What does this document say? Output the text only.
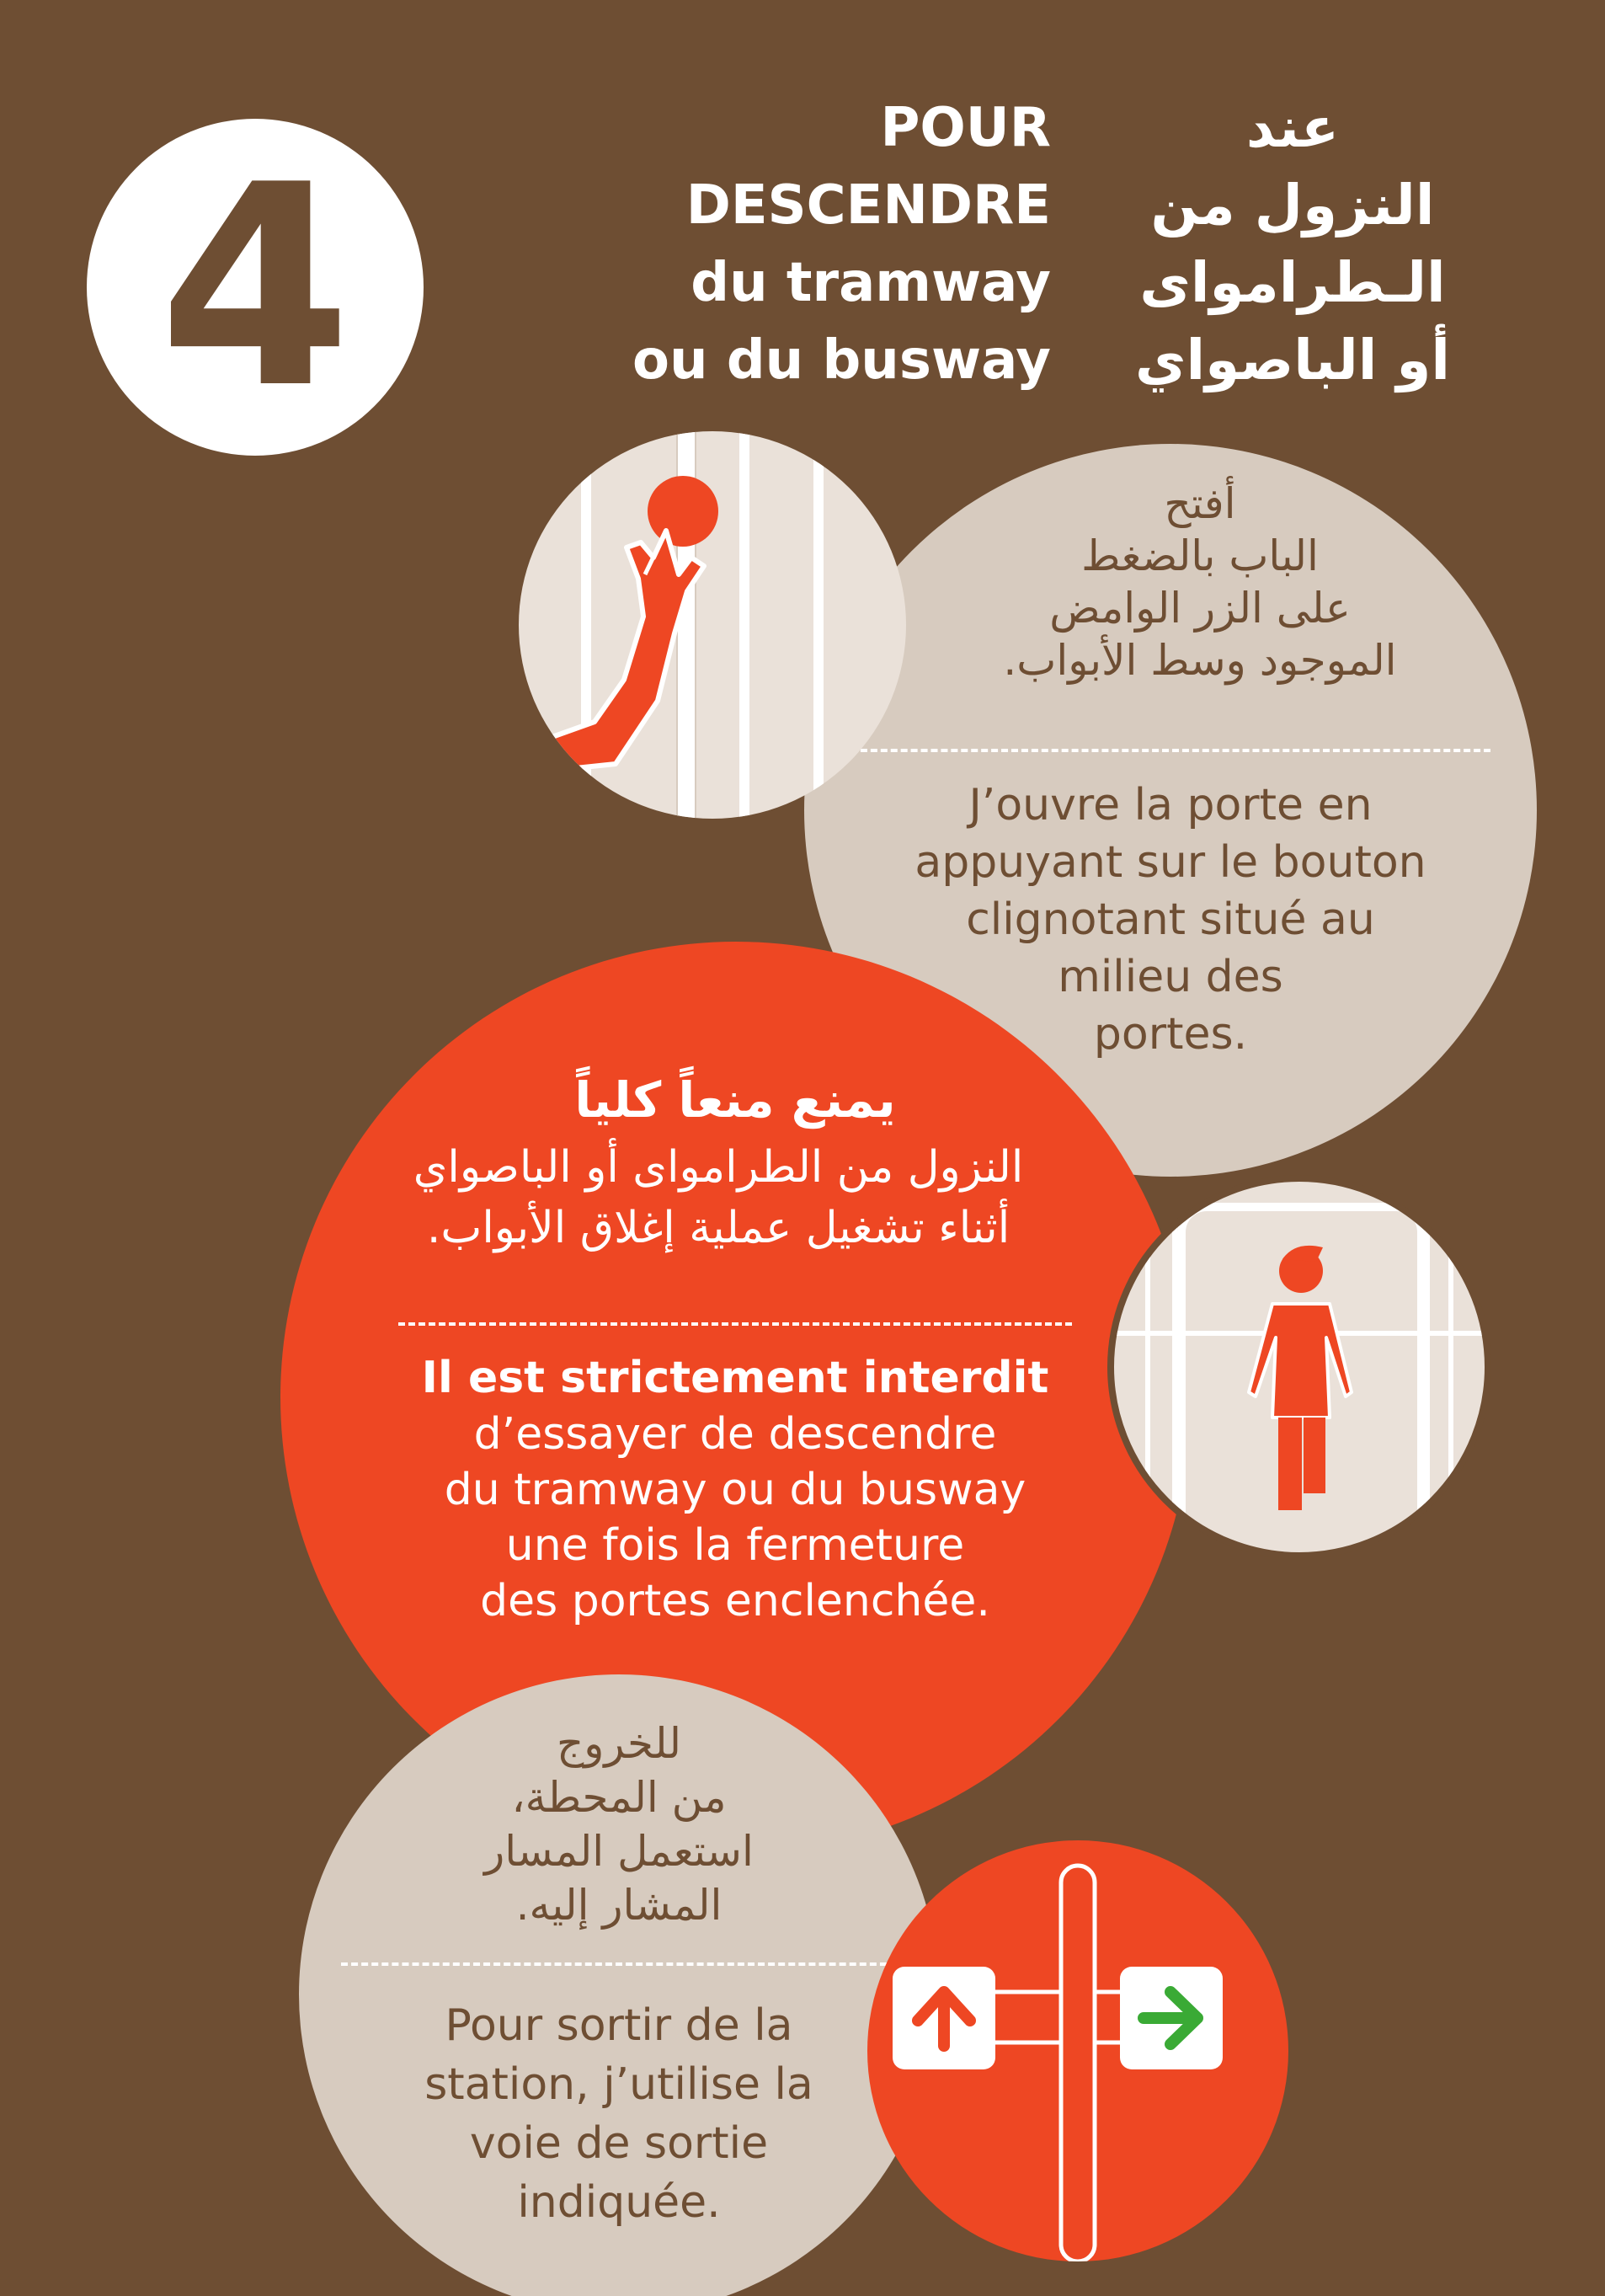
4	POUR
DESCENDRE
du tramway
ou du busway
عند
النزول من
الـطراموای
أو الباصواي
أفتح
الباب بالضغط
على الزر الوامض
الموجود وسط الأبواب.
J’ouvre la porte en
appuyant sur le bouton
clignotant situé au
milieu des
portes.
يمنع منعاً كلياً
النزول من الطراموای أو الباصواي
أثناء تشغيل عملية إغلاق الأبواب.
Il est strictement interdit
d’essayer de descendre
du tramway ou du busway
une fois la fermeture
des portes enclenchée.
للخروج
من المحطة،
استعمل المسار
المشار إليه.
Pour sortir de la
station, j’utilise la
voie de sortie
indiquée.
